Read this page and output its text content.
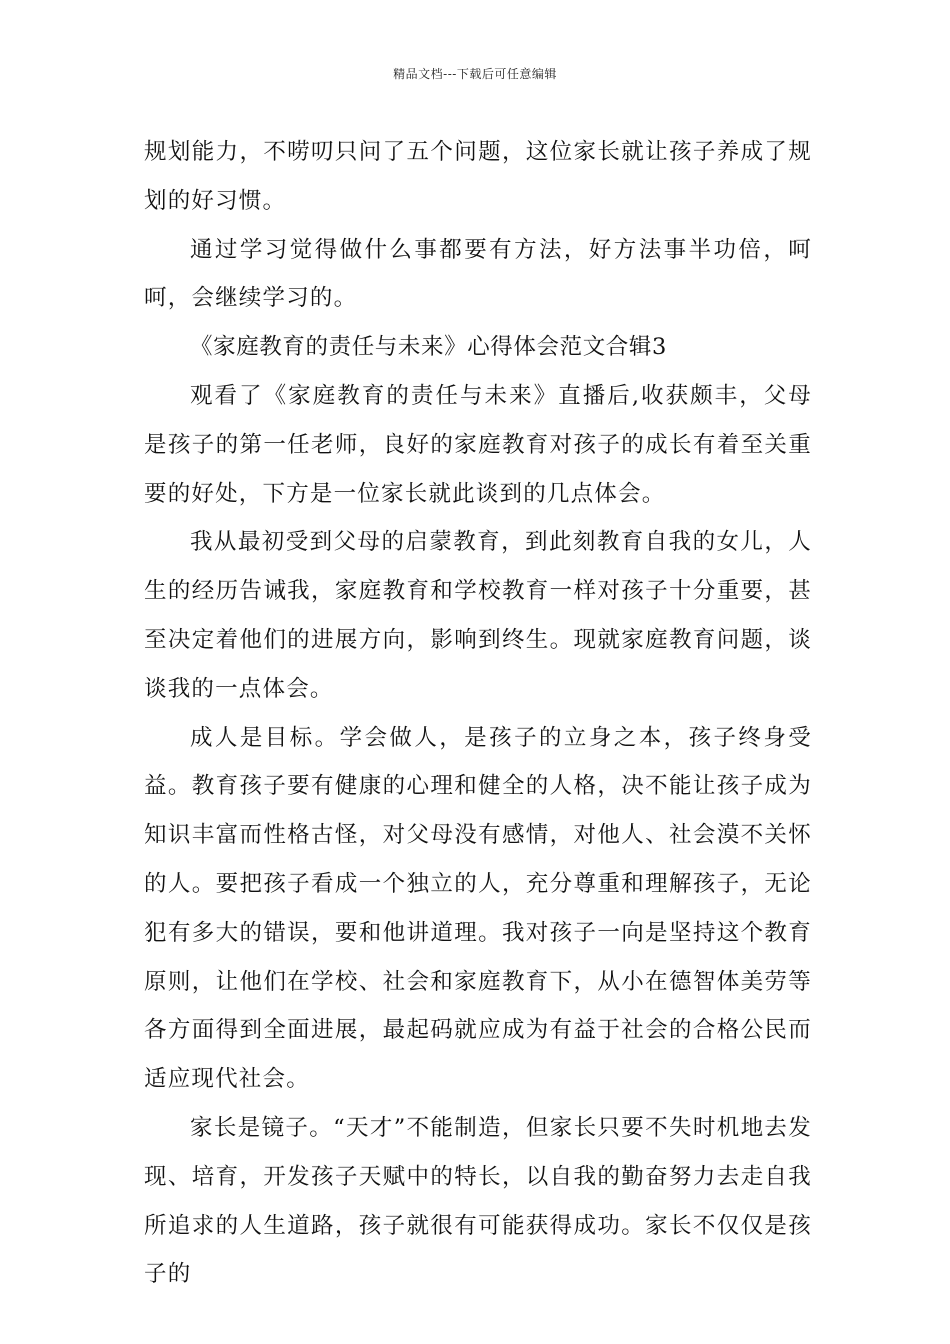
精品文档---下载后可任意编辑

规划能力，不唠叨只问了五个问题，这位家长就让孩子养成了规划的好习惯。

通过学习觉得做什么事都要有方法，好方法事半功倍，呵呵，会继续学习的。

《家庭教育的责任与未来》心得体会范文合辑3

观看了《家庭教育的责任与未来》直播后,收获颇丰，父母是孩子的第一任老师，良好的家庭教育对孩子的成长有着至关重要的好处，下方是一位家长就此谈到的几点体会。

我从最初受到父母的启蒙教育，到此刻教育自我的女儿，人生的经历告诫我，家庭教育和学校教育一样对孩子十分重要，甚至决定着他们的进展方向，影响到终生。现就家庭教育问题，谈谈我的一点体会。

成人是目标。学会做人，是孩子的立身之本，孩子终身受益。教育孩子要有健康的心理和健全的人格，决不能让孩子成为知识丰富而性格古怪，对父母没有感情，对他人、社会漠不关怀的人。要把孩子看成一个独立的人，充分尊重和理解孩子，无论犯有多大的错误，要和他讲道理。我对孩子一向是坚持这个教育原则，让他们在学校、社会和家庭教育下，从小在德智体美劳等各方面得到全面进展，最起码就应成为有益于社会的合格公民而适应现代社会。

家长是镜子。“天才”不能制造，但家长只要不失时机地去发现、培育，开发孩子天赋中的特长，以自我的勤奋努力去走自我所追求的人生道路，孩子就很有可能获得成功。家长不仅仅是孩子的
